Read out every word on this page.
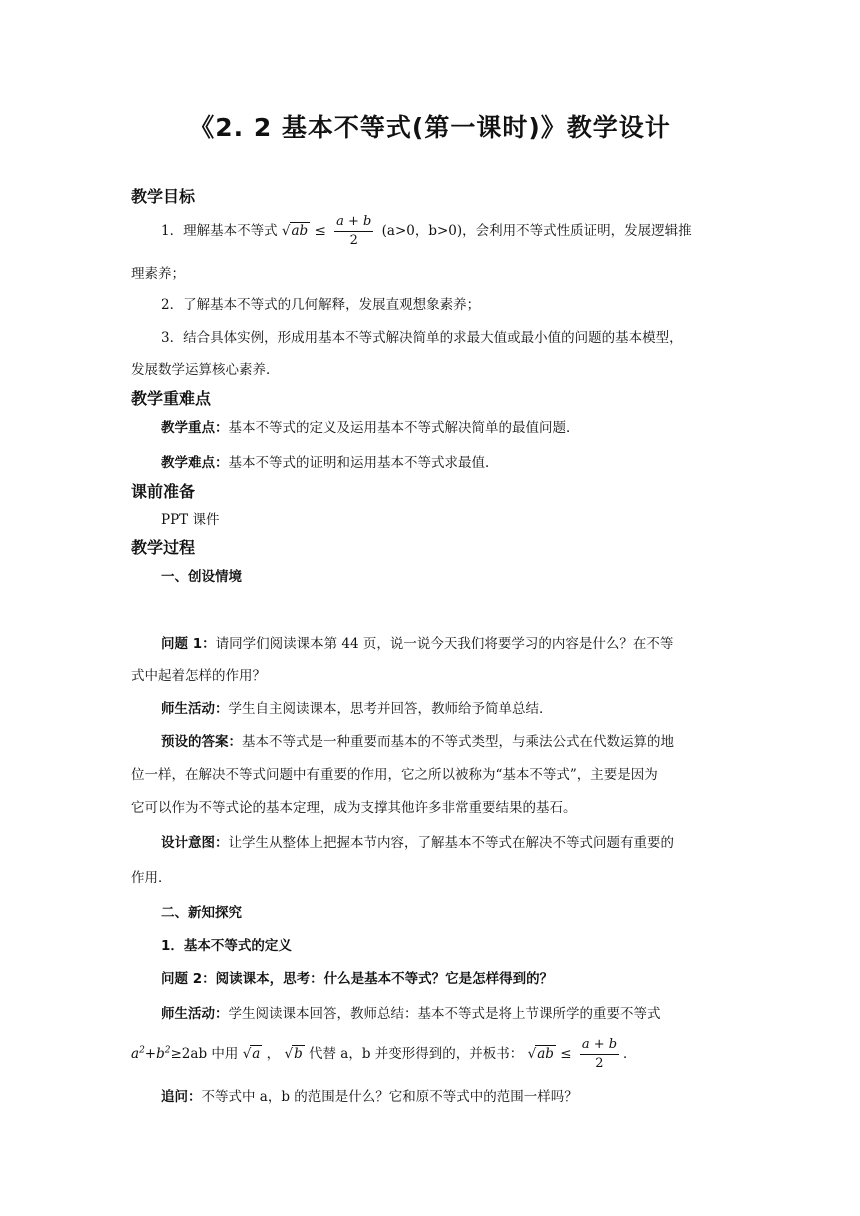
《2. 2 基本不等式(第一课时)》教学设计
教学目标
1．理解基本不等式 $√ab \le \frac{a + b}{2} (a>0$，b>0)，会利用不等式性质证明，发展逻辑推
理素养；
2．了解基本不等式的几何解释，发展直观想象素养；
3．结合具体实例，形成用基本不等式解决简单的求最大值或最小值的问题的基本模型，
发展数学运算核心素养．
教学重难点
教学重点：基本不等式的定义及运用基本不等式解决简单的最值问题．
教学难点：基本不等式的证明和运用基本不等式求最值．
课前准备
PPT 课件
教学过程
一、创设情境
问题 1：请同学们阅读课本第 44 页，说一说今天我们将要学习的内容是什么？在不等
式中起着怎样的作用？
师生活动：学生自主阅读课本，思考并回答，教师给予简单总结．
预设的答案：基本不等式是一种重要而基本的不等式类型，与乘法公式在代数运算的地
位一样，在解决不等式问题中有重要的作用，它之所以被称为“基本不等式”，主要是因为
它可以作为不等式论的基本定理，成为支撑其他许多非常重要结果的基石。
设计意图：让学生从整体上把握本节内容，了解基本不等式在解决不等式问题有重要的
作用．
二、新知探究
1．基本不等式的定义
问题 2：阅读课本，思考：什么是基本不等式？它是怎样得到的？
师生活动：学生阅读课本回答，教师总结：基本不等式是将上节课所学的重要不等式
$a^2+b^2\ge 2ab$ 中用 √a ， √b 代替 a，b 并变形得到的，并板书： $√ab \le \frac{a + b}{2}$ ．
追问：不等式中 a，b 的范围是什么？它和原不等式中的范围一样吗？
